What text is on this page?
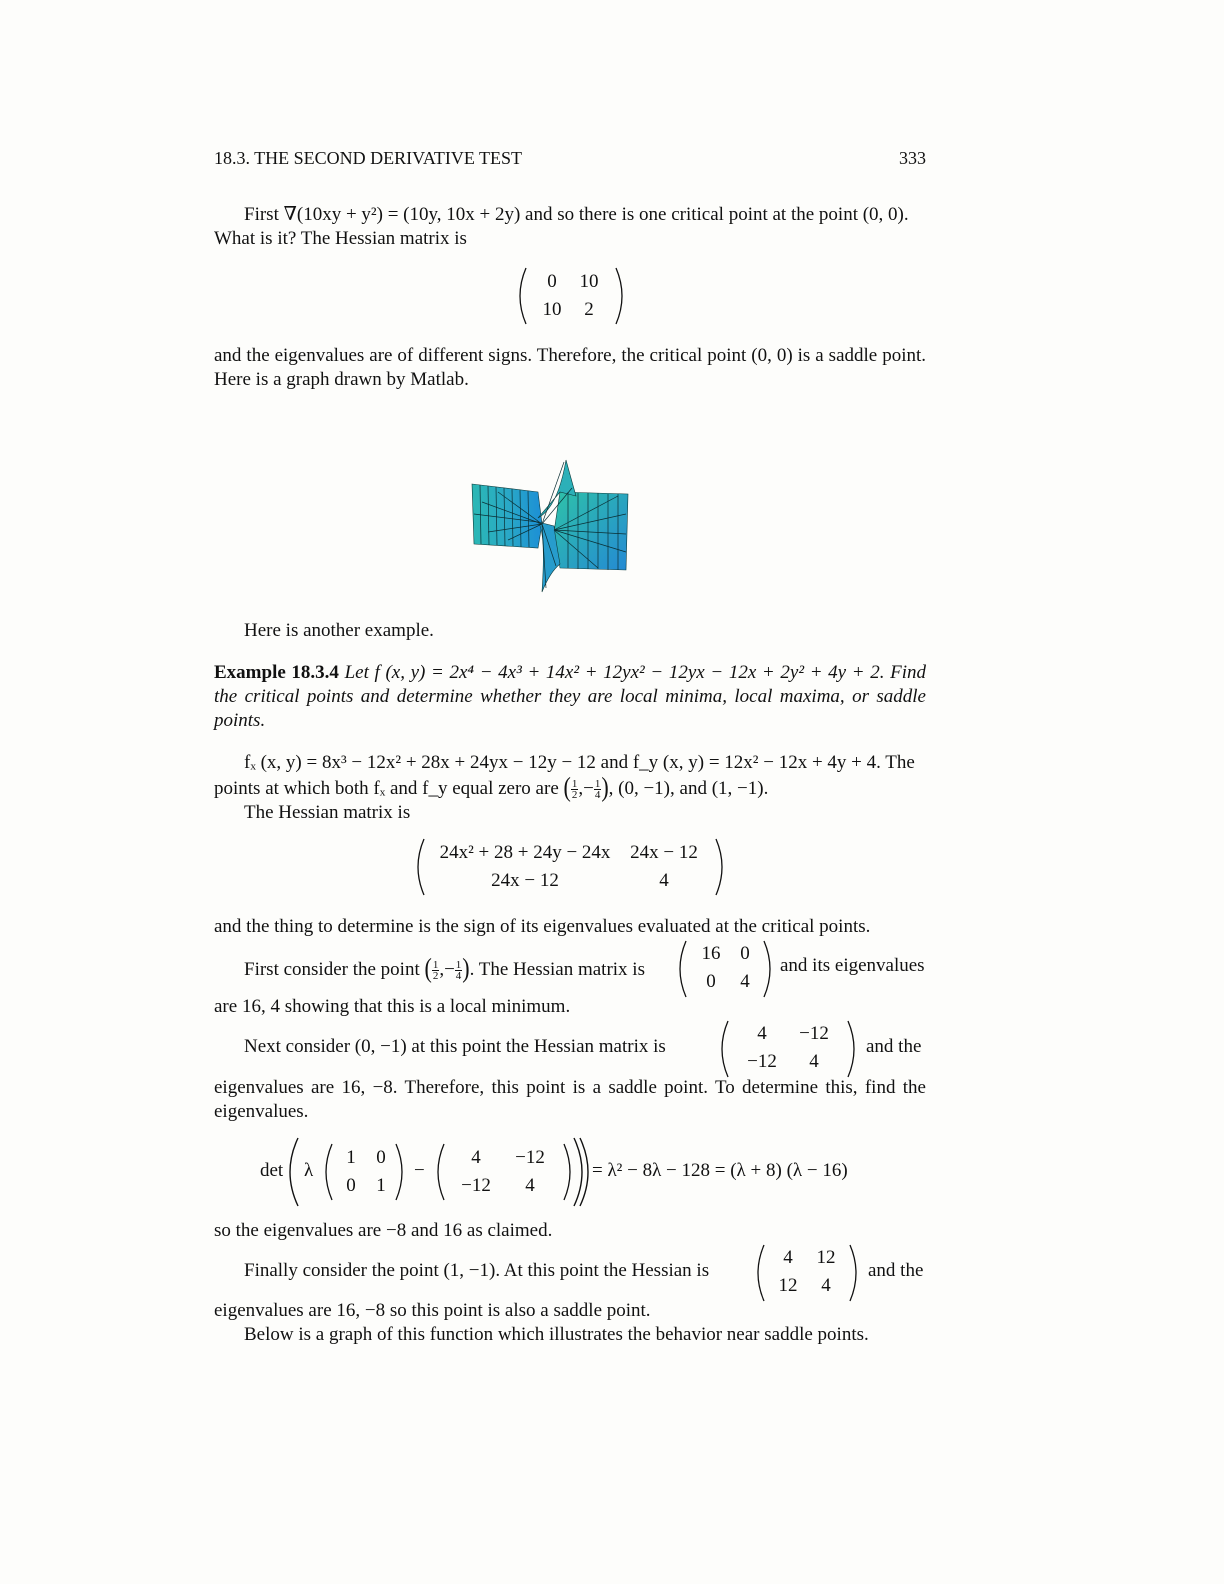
18.3. THE SECOND DERIVATIVE TEST	333
First ∇(10xy + y²) = (10y, 10x + 2y) and so there is one critical point at the point (0, 0).
What is it? The Hessian matrix is
0	10
10	2
and the eigenvalues are of different signs. Therefore, the critical point (0, 0) is a saddle point. Here is a graph drawn by Matlab.
Here is another example.
Example 18.3.4 Let f (x, y) = 2x⁴ − 4x³ + 14x² + 12yx² − 12yx − 12x + 2y² + 4y + 2. Find the critical points and determine whether they are local minima, local maxima, or saddle points.
fₓ (x, y) = 8x³ − 12x² + 28x + 24yx − 12y − 12 and f_y (x, y) = 12x² − 12x + 4y + 4. The
points at which both fₓ and f_y equal zero are ( $\frac{1}{2}$ ,− $\frac{1}{4}$ ), (0, −1), and (1, −1).
The Hessian matrix is
24x² + 28 + 24y − 24x	24x − 12
24x − 12	4
and the thing to determine is the sign of its eigenvalues evaluated at the critical points.
First consider the point ( $\frac{1}{2}$ ,− $\frac{1}{4}$ ). The Hessian matrix is
16	0
0	4
and its eigenvalues
are 16, 4 showing that this is a local minimum.
Next consider (0, −1) at this point the Hessian matrix is
4	−12
−12	4
and the
eigenvalues are 16, −8. Therefore, this point is a saddle point. To determine this, find the eigenvalues.
det λ
1	0
0	1
−
4	−12
−12	4
= λ² − 8λ − 128 = (λ + 8) (λ − 16)
so the eigenvalues are −8 and 16 as claimed.
Finally consider the point (1, −1). At this point the Hessian is
4	12
12	4
and the
eigenvalues are 16, −8 so this point is also a saddle point.
Below is a graph of this function which illustrates the behavior near saddle points.
